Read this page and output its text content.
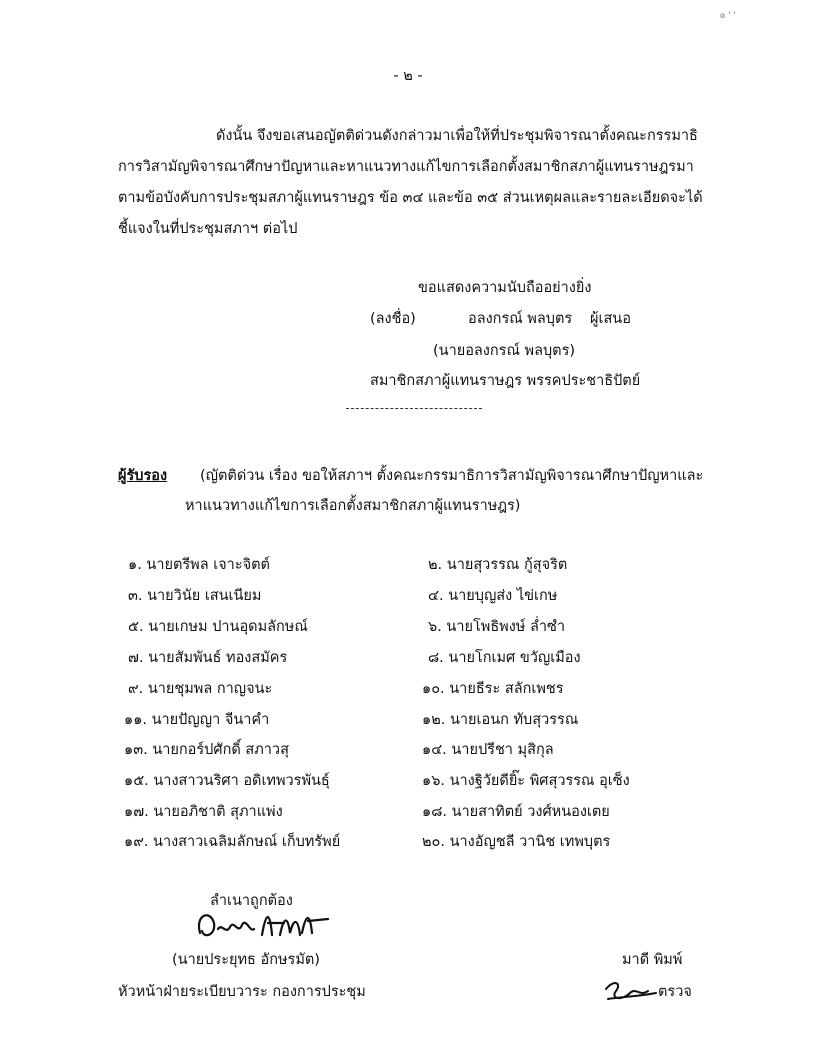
๏ ' '
- ๒ -
ดังนั้น จึงขอเสนอญัตติด่วนดังกล่าวมาเพื่อให้ที่ประชุมพิจารณาตั้งคณะกรรมาธิ
การวิสามัญพิจารณาศึกษาปัญหาและหาแนวทางแก้ไขการเลือกตั้งสมาชิกสภาผู้แทนราษฎรมา
ตามข้อบังคับการประชุมสภาผู้แทนราษฎร ข้อ ๓๔ และข้อ ๓๕ ส่วนเหตุผลและรายละเอียดจะได้
ชี้แจงในที่ประชุมสภาฯ ต่อไป
ขอแสดงความนับถืออย่างยิ่ง
(ลงชื่อ)	อลงกรณ์ พลบุตร ผู้เสนอ
(นายอลงกรณ์ พลบุตร)
สมาชิกสภาผู้แทนราษฎร พรรคประชาธิปัตย์
ผู้รับรอง (ญัตติด่วน เรื่อง ขอให้สภาฯ ตั้งคณะกรรมาธิการวิสามัญพิจารณาศึกษาปัญหาและ
หาแนวทางแก้ไขการเลือกตั้งสมาชิกสภาผู้แทนราษฎร)
๑. นายตรีพล เจาะจิตต์
๓. นายวินัย เสนเนียม
๕. นายเกษม ปานอุดมลักษณ์
๗. นายสัมพันธ์ ทองสมัคร
๙. นายชุมพล กาญจนะ
๑๑. นายปัญญา จีนาคำ
๑๓. นายกอร์ปศักดิ์ สภาวสุ
๑๕. นางสาวนริศา อดิเทพวรพันธุ์
๑๗. นายอภิชาติ สุภาแพ่ง
๑๙. นางสาวเฉลิมลักษณ์ เก็บทรัพย์
๒. นายสุวรรณ กู้สุจริต
๔. นายบุญส่ง ไข่เกษ
๖. นายโพธิพงษ์ ล่ำซำ
๘. นายโกเมศ ขวัญเมือง
๑๐. นายธีระ สลักเพชร
๑๒. นายเอนก ทับสุวรรณ
๑๔. นายปรีชา มุสิกุล
๑๖. นางฐิวัยดียิ๊ะ พิศสุวรรณ อุเซ็ง
๑๘. นายสาทิตย์ วงศ์หนองเตย
๒๐. นางอัญชลี วานิช เทพบุตร
ลำเนาถูกต้อง
(นายประยุทธ อักษรมัต)
หัวหน้าฝ่ายระเบียบวาระ กองการประชุม
มาดี พิมพ์
ตรวจ
